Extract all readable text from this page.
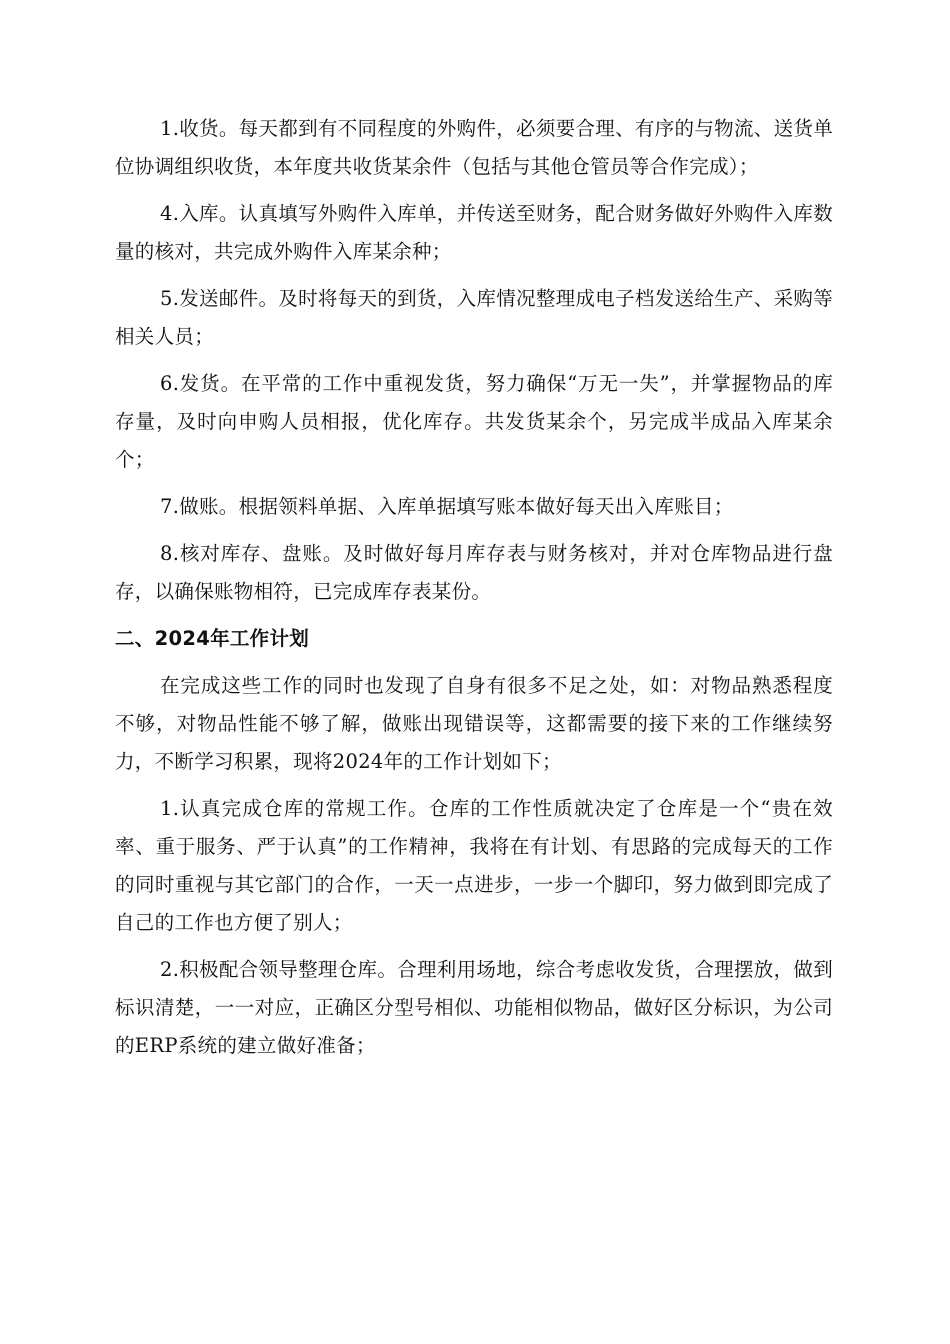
1.收货。每天都到有不同程度的外购件，必须要合理、有序的与物流、送货单位协调组织收货，本年度共收货某余件（包括与其他仓管员等合作完成）；

4.入库。认真填写外购件入库单，并传送至财务，配合财务做好外购件入库数量的核对，共完成外购件入库某余种；

5.发送邮件。及时将每天的到货，入库情况整理成电子档发送给生产、采购等相关人员；

6.发货。在平常的工作中重视发货，努力确保“万无一失”，并掌握物品的库存量，及时向申购人员相报，优化库存。共发货某余个，另完成半成品入库某余个；

7.做账。根据领料单据、入库单据填写账本做好每天出入库账目；

8.核对库存、盘账。及时做好每月库存表与财务核对，并对仓库物品进行盘存，以确保账物相符，已完成库存表某份。

二、2024年工作计划

在完成这些工作的同时也发现了自身有很多不足之处，如：对物品熟悉程度不够，对物品性能不够了解，做账出现错误等，这都需要的接下来的工作继续努力，不断学习积累，现将2024年的工作计划如下；

1.认真完成仓库的常规工作。仓库的工作性质就决定了仓库是一个“贵在效率、重于服务、严于认真”的工作精神，我将在有计划、有思路的完成每天的工作的同时重视与其它部门的合作，一天一点进步，一步一个脚印，努力做到即完成了自己的工作也方便了别人；

2.积极配合领导整理仓库。合理利用场地，综合考虑收发货，合理摆放，做到标识清楚，一一对应，正确区分型号相似、功能相似物品，做好区分标识，为公司的ERP系统的建立做好准备；
